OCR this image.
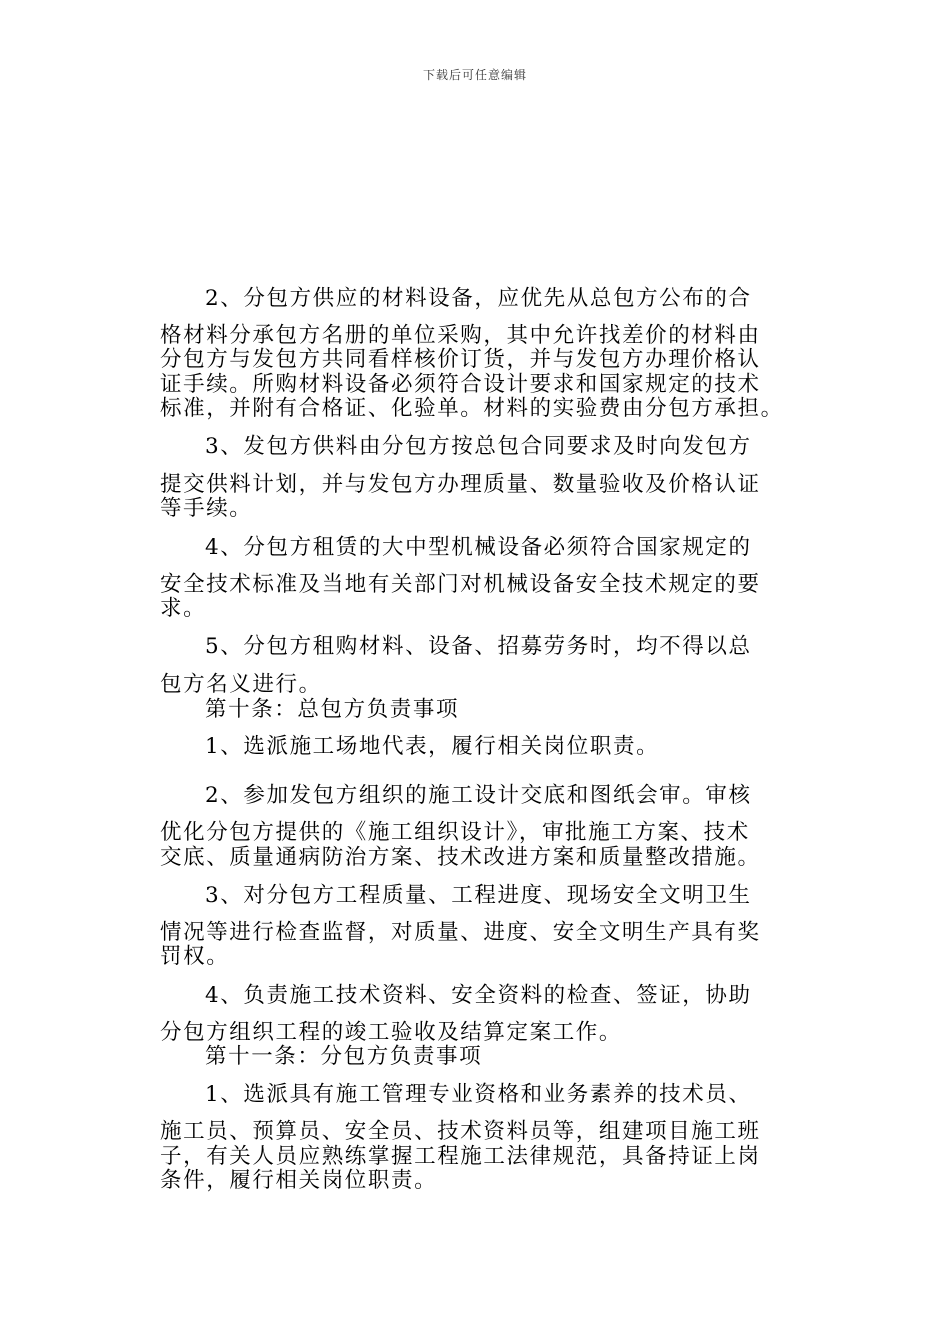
下载后可任意编辑
2、分包方供应的材料设备，应优先从总包方公布的合
格材料分承包方名册的单位采购，其中允许找差价的材料由
分包方与发包方共同看样核价订货，并与发包方办理价格认
证手续。所购材料设备必须符合设计要求和国家规定的技术
标准，并附有合格证、化验单。材料的实验费由分包方承担。
3、发包方供料由分包方按总包合同要求及时向发包方
提交供料计划，并与发包方办理质量、数量验收及价格认证
等手续。
4、分包方租赁的大中型机械设备必须符合国家规定的
安全技术标准及当地有关部门对机械设备安全技术规定的要
求。
5、分包方租购材料、设备、招募劳务时，均不得以总
包方名义进行。
第十条：总包方负责事项
1、选派施工场地代表，履行相关岗位职责。
2、参加发包方组织的施工设计交底和图纸会审。审核
优化分包方提供的《施工组织设计》，审批施工方案、技术
交底、质量通病防治方案、技术改进方案和质量整改措施。
3、对分包方工程质量、工程进度、现场安全文明卫生
情况等进行检查监督，对质量、进度、安全文明生产具有奖
罚权。
4、负责施工技术资料、安全资料的检查、签证，协助
分包方组织工程的竣工验收及结算定案工作。
第十一条：分包方负责事项
1、选派具有施工管理专业资格和业务素养的技术员、
施工员、预算员、安全员、技术资料员等，组建项目施工班
子，有关人员应熟练掌握工程施工法律规范，具备持证上岗
条件，履行相关岗位职责。
